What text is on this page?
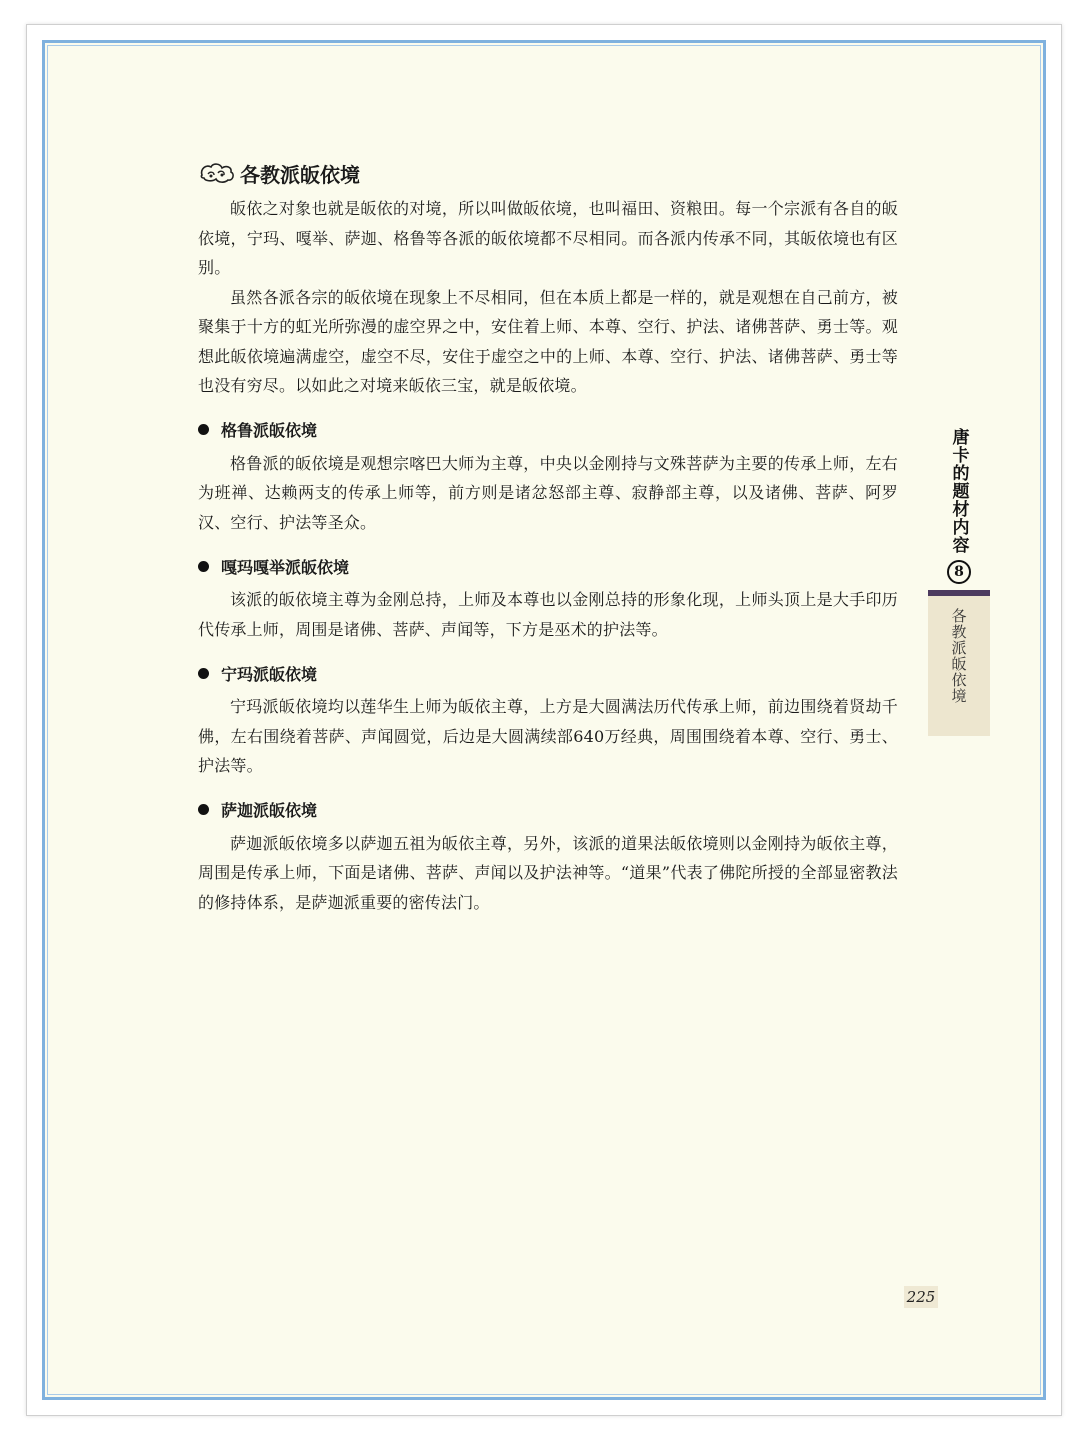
各教派皈依境

皈依之对象也就是皈依的对境，所以叫做皈依境，也叫福田、资粮田。每一个宗派有各自的皈依境，宁玛、嘎举、萨迦、格鲁等各派的皈依境都不尽相同。而各派内传承不同，其皈依境也有区别。

虽然各派各宗的皈依境在现象上不尽相同，但在本质上都是一样的，就是观想在自己前方，被聚集于十方的虹光所弥漫的虚空界之中，安住着上师、本尊、空行、护法、诸佛菩萨、勇士等。观想此皈依境遍满虚空，虚空不尽，安住于虚空之中的上师、本尊、空行、护法、诸佛菩萨、勇士等也没有穷尽。以如此之对境来皈依三宝，就是皈依境。

格鲁派皈依境

格鲁派的皈依境是观想宗喀巴大师为主尊，中央以金刚持与文殊菩萨为主要的传承上师，左右为班禅、达赖两支的传承上师等，前方则是诸忿怒部主尊、寂静部主尊，以及诸佛、菩萨、阿罗汉、空行、护法等圣众。

嘎玛嘎举派皈依境

该派的皈依境主尊为金刚总持，上师及本尊也以金刚总持的形象化现，上师头顶上是大手印历代传承上师，周围是诸佛、菩萨、声闻等，下方是巫术的护法等。

宁玛派皈依境

宁玛派皈依境均以莲华生上师为皈依主尊，上方是大圆满法历代传承上师，前边围绕着贤劫千佛，左右围绕着菩萨、声闻圆觉，后边是大圆满续部640万经典，周围围绕着本尊、空行、勇士、护法等。

萨迦派皈依境

萨迦派皈依境多以萨迦五祖为皈依主尊，另外，该派的道果法皈依境则以金刚持为皈依主尊，周围是传承上师，下面是诸佛、菩萨、声闻以及护法神等。“道果”代表了佛陀所授的全部显密教法的修持体系，是萨迦派重要的密传法门。

唐卡的题材内容
8
各教派皈依境
225
